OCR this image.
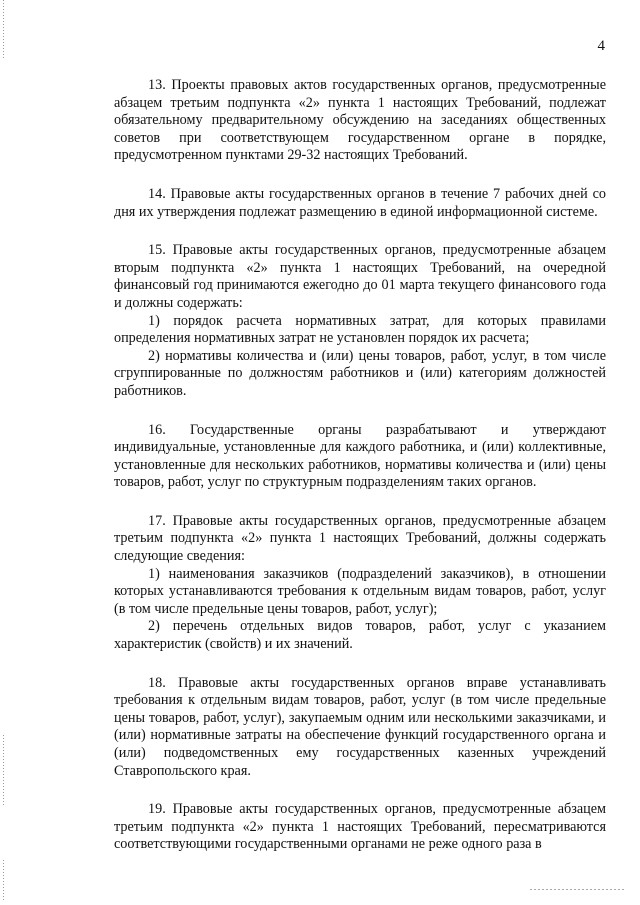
4

13. Проекты правовых актов государственных органов, предусмотренные абзацем третьим подпункта «2» пункта 1 настоящих Требований, подлежат обязательному предварительному обсуждению на заседаниях общественных советов при соответствующем государственном органе в порядке, предусмотренном пунктами 29-32 настоящих Требований.

14. Правовые акты государственных органов в течение 7 рабочих дней со дня их утверждения подлежат размещению в единой информационной системе.

15. Правовые акты государственных органов, предусмотренные абзацем вторым подпункта «2» пункта 1 настоящих Требований, на очередной финансовый год принимаются ежегодно до 01 марта текущего финансового года и должны содержать:

1) порядок расчета нормативных затрат, для которых правилами определения нормативных затрат не установлен порядок их расчета;

2) нормативы количества и (или) цены товаров, работ, услуг, в том числе сгруппированные по должностям работников и (или) категориям должностей работников.

16. Государственные органы разрабатывают и утверждают индивидуальные, установленные для каждого работника, и (или) коллективные, установленные для нескольких работников, нормативы количества и (или) цены товаров, работ, услуг по структурным подразделениям таких органов.

17. Правовые акты государственных органов, предусмотренные абзацем третьим подпункта «2» пункта 1 настоящих Требований, должны содержать следующие сведения:

1) наименования заказчиков (подразделений заказчиков), в отношении которых устанавливаются требования к отдельным видам товаров, работ, услуг (в том числе предельные цены товаров, работ, услуг);

2) перечень отдельных видов товаров, работ, услуг с указанием характеристик (свойств) и их значений.

18. Правовые акты государственных органов вправе устанавливать требования к отдельным видам товаров, работ, услуг (в том числе предельные цены товаров, работ, услуг), закупаемым одним или несколькими заказчиками, и (или) нормативные затраты на обеспечение функций государственного органа и (или) подведомственных ему государственных казенных учреждений Ставропольского края.

19. Правовые акты государственных органов, предусмотренные абзацем третьим подпункта «2» пункта 1 настоящих Требований, пересматриваются соответствующими государственными органами не реже одного раза в
